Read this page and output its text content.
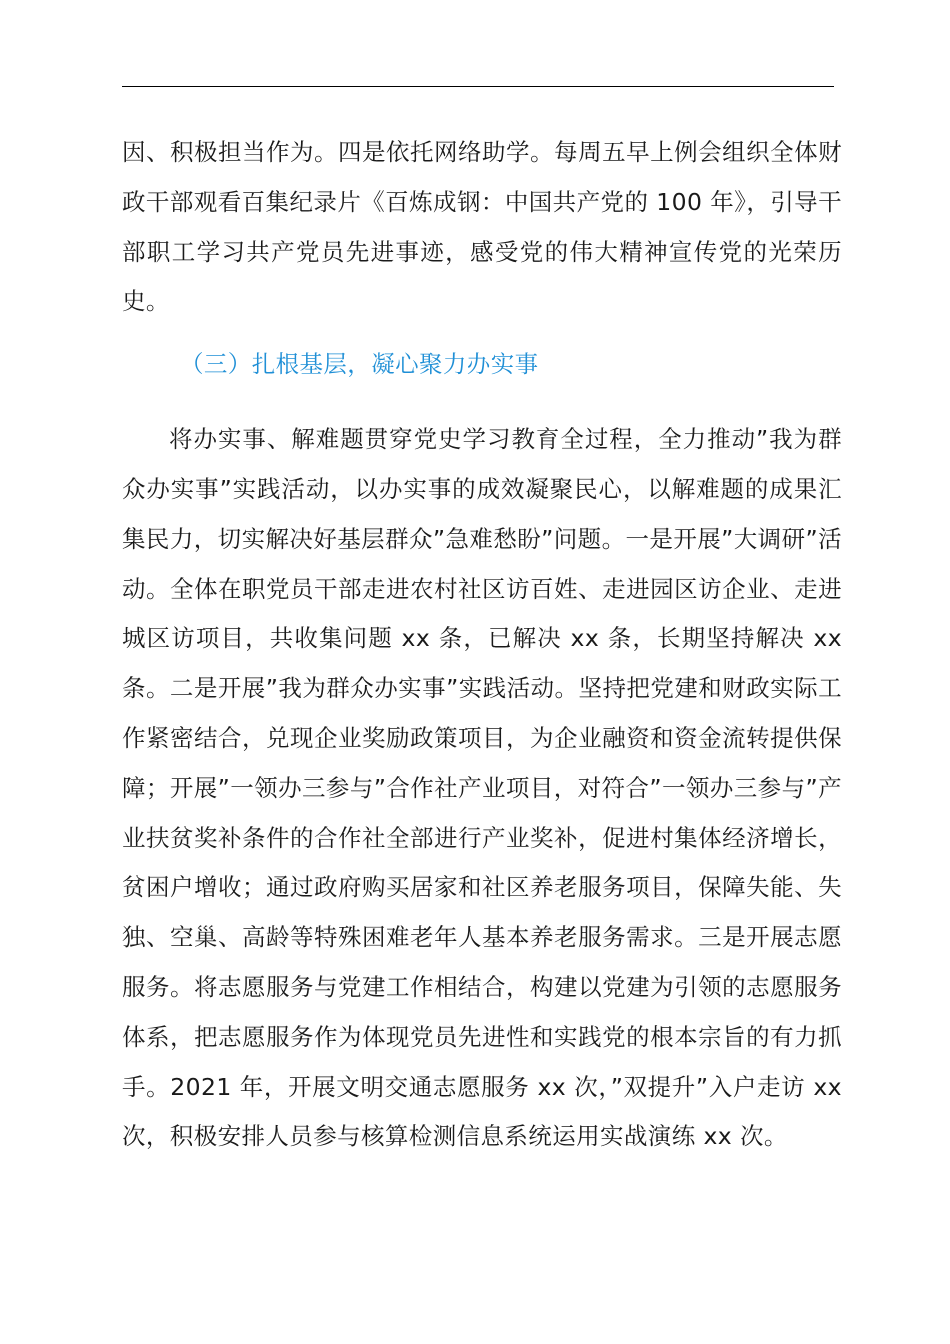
因、积极担当作为。四是依托网络助学。每周五早上例会组织全体财政干部观看百集纪录片《百炼成钢：中国共产党的 100 年》，引导干部职工学习共产党员先进事迹，感受党的伟大精神宣传党的光荣历史。

（三）扎根基层，凝心聚力办实事

将办实事、解难题贯穿党史学习教育全过程，全力推动”我为群众办实事”实践活动，以办实事的成效凝聚民心，以解难题的成果汇集民力，切实解决好基层群众”急难愁盼”问题。一是开展”大调研”活动。全体在职党员干部走进农村社区访百姓、走进园区访企业、走进城区访项目，共收集问题 xx 条，已解决 xx 条，长期坚持解决 xx 条。二是开展”我为群众办实事”实践活动。坚持把党建和财政实际工作紧密结合，兑现企业奖励政策项目，为企业融资和资金流转提供保障；开展”一领办三参与”合作社产业项目，对符合”一领办三参与”产业扶贫奖补条件的合作社全部进行产业奖补，促进村集体经济增长，贫困户增收；通过政府购买居家和社区养老服务项目，保障失能、失独、空巢、高龄等特殊困难老年人基本养老服务需求。三是开展志愿服务。将志愿服务与党建工作相结合，构建以党建为引领的志愿服务体系，把志愿服务作为体现党员先进性和实践党的根本宗旨的有力抓手。2021 年，开展文明交通志愿服务 xx 次，”双提升”入户走访 xx 次，积极安排人员参与核算检测信息系统运用实战演练 xx 次。
